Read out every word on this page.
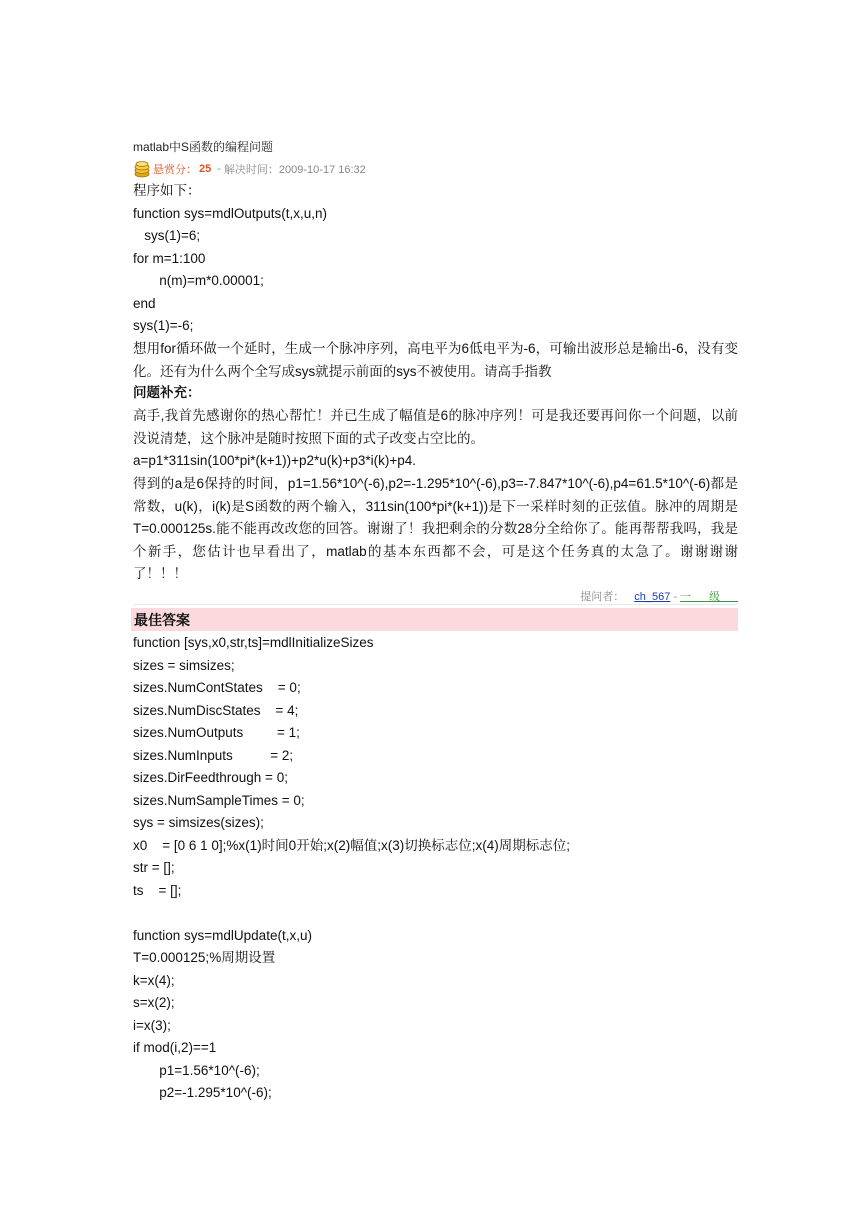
matlab中S函数的编程问题
悬赏分： 25 - 解决时间：2009-10-17 16:32
程序如下：
function sys=mdlOutputs(t,x,u,n)
sys(1)=6;
for m=1:100
n(m)=m*0.00001;
end
sys(1)=-6;
想用for循环做一个延时，生成一个脉冲序列，高电平为6低电平为-6，可输出波形总是输出-6，没有变化。还有为什么两个全写成sys就提示前面的sys不被使用。请高手指教
问题补充：
高手,我首先感谢你的热心帮忙！并已生成了幅值是6的脉冲序列！可是我还要再问你一个问题，以前没说清楚，这个脉冲是随时按照下面的式子改变占空比的。
a=p1*311sin(100*pi*(k+1))+p2*u(k)+p3*i(k)+p4.
得到的a是6保持的时间，p1=1.56*10^(-6),p2=-1.295*10^(-6),p3=-7.847*10^(-6),p4=61.5*10^(-6)都是常数，u(k)，i(k)是S函数的两个输入，311sin(100*pi*(k+1))是下一采样时刻的正弦值。脉冲的周期是T=0.000125s.能不能再改改您的回答。谢谢了！我把剩余的分数28分全给你了。能再帮帮我吗，我是个新手，您估计也早看出了，matlab的基本东西都不会，可是这个任务真的太急了。谢谢谢谢了！！！
提问者： ch_567 - 一级
最佳答案
function [sys,x0,str,ts]=mdlInitializeSizes
sizes = simsizes;
sizes.NumContStates    = 0;
sizes.NumDiscStates    = 4;
sizes.NumOutputs         = 1;
sizes.NumInputs          = 2;
sizes.DirFeedthrough = 0;
sizes.NumSampleTimes = 0;
sys = simsizes(sizes);
x0    = [0 6 1 0];%x(1)时间0开始;x(2)幅值;x(3)切换标志位;x(4)周期标志位;
str = [];
ts    = [];
function sys=mdlUpdate(t,x,u)
T=0.000125;%周期设置
k=x(4);
s=x(2);
i=x(3);
if mod(i,2)==1
p1=1.56*10^(-6);
p2=-1.295*10^(-6);
